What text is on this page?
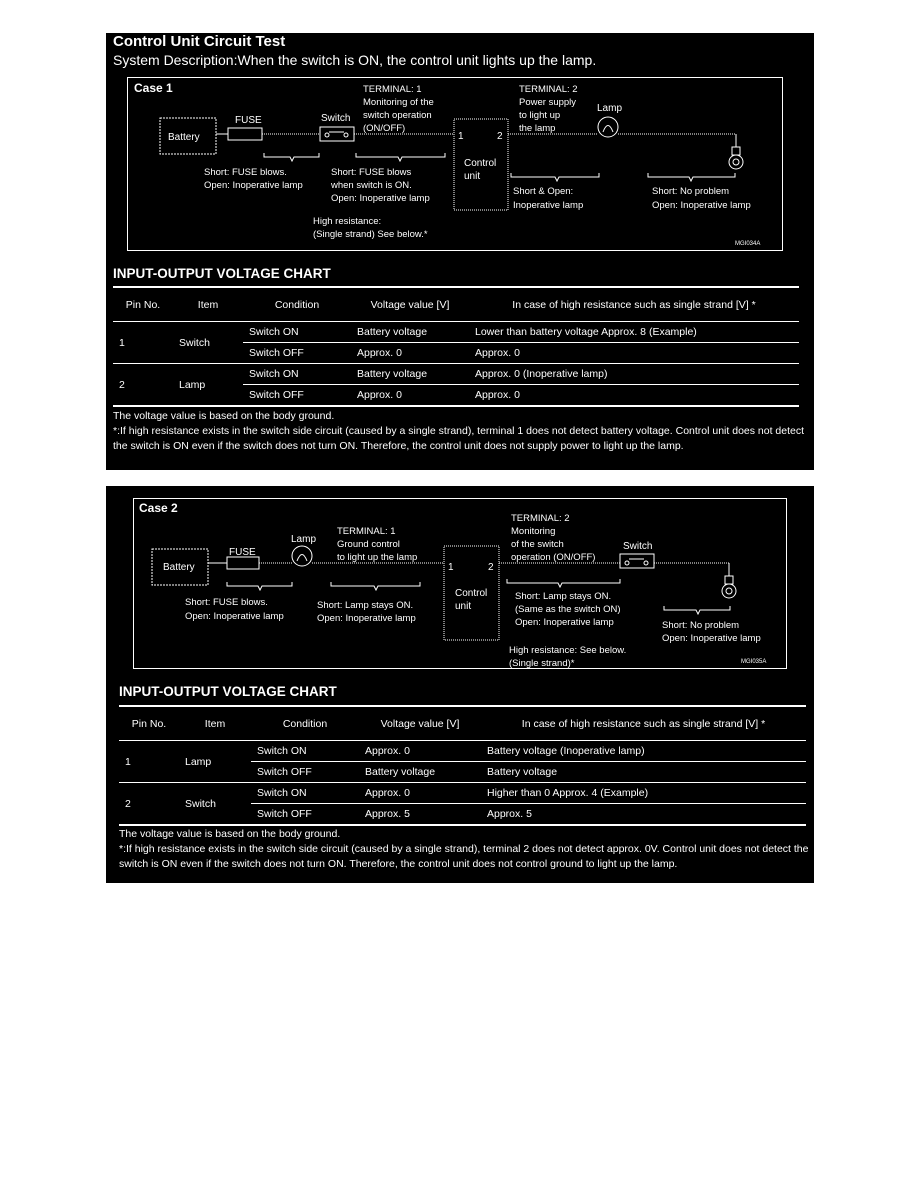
Control Unit Circuit Test
System Description:When the switch is ON, the control unit lights up the lamp.
Case 1
Battery
FUSE	Switch
1	2
Control
unit
Lamp
TERMINAL: 1
Monitoring of the
switch operation
(ON/OFF)
TERMINAL: 2
Power supply
to light up
the lamp
Short: FUSE blows.
Open: Inoperative lamp
Short: FUSE blows
when switch is ON.
Open: Inoperative lamp
High resistance:
(Single strand) See below.*
Short & Open:
Inoperative lamp
Short: No problem
Open: Inoperative lamp
MGI034A
INPUT-OUTPUT VOLTAGE CHART
Pin No.	Item	Condition	Voltage value [V]	In case of high resistance such as single strand [V] *
1	Switch	Switch ON	Battery voltage	Lower than battery voltage Approx. 8 (Example)
		Switch OFF	Approx. 0	Approx. 0
2	Lamp	Switch ON	Battery voltage	Approx. 0 (Inoperative lamp)
		Switch OFF	Approx. 0	Approx. 0

The voltage value is based on the body ground.

*:If high resistance exists in the switch side circuit (caused by a single strand), terminal 1 does not detect battery voltage. Control unit does not detect the switch is ON even if the switch does not turn ON. Therefore, the control unit does not supply power to light up the lamp.

Case 2
Battery
FUSE
Lamp
1	2
Control
unit
Switch
TERMINAL: 1
Ground control
to light up the lamp
TERMINAL: 2
Monitoring
of the switch
operation (ON/OFF)
Short: FUSE blows.
Open: Inoperative lamp
Short: Lamp stays ON.
Open: Inoperative lamp
Short: Lamp stays ON.
(Same as the switch ON)
Open: Inoperative lamp
High resistance: See below.
(Single strand)*
Short: No problem
Open: Inoperative lamp
MGI035A
INPUT-OUTPUT VOLTAGE CHART
Pin No.	Item	Condition	Voltage value [V]	In case of high resistance such as single strand [V] *
1	Lamp	Switch ON	Approx. 0	Battery voltage (Inoperative lamp)
		Switch OFF	Battery voltage	Battery voltage
2	Switch	Switch ON	Approx. 0	Higher than 0 Approx. 4 (Example)
		Switch OFF	Approx. 5	Approx. 5

The voltage value is based on the body ground.

*:If high resistance exists in the switch side circuit (caused by a single strand), terminal 2 does not detect approx. 0V. Control unit does not detect the switch is ON even if the switch does not turn ON. Therefore, the control unit does not control ground to light up the lamp.
